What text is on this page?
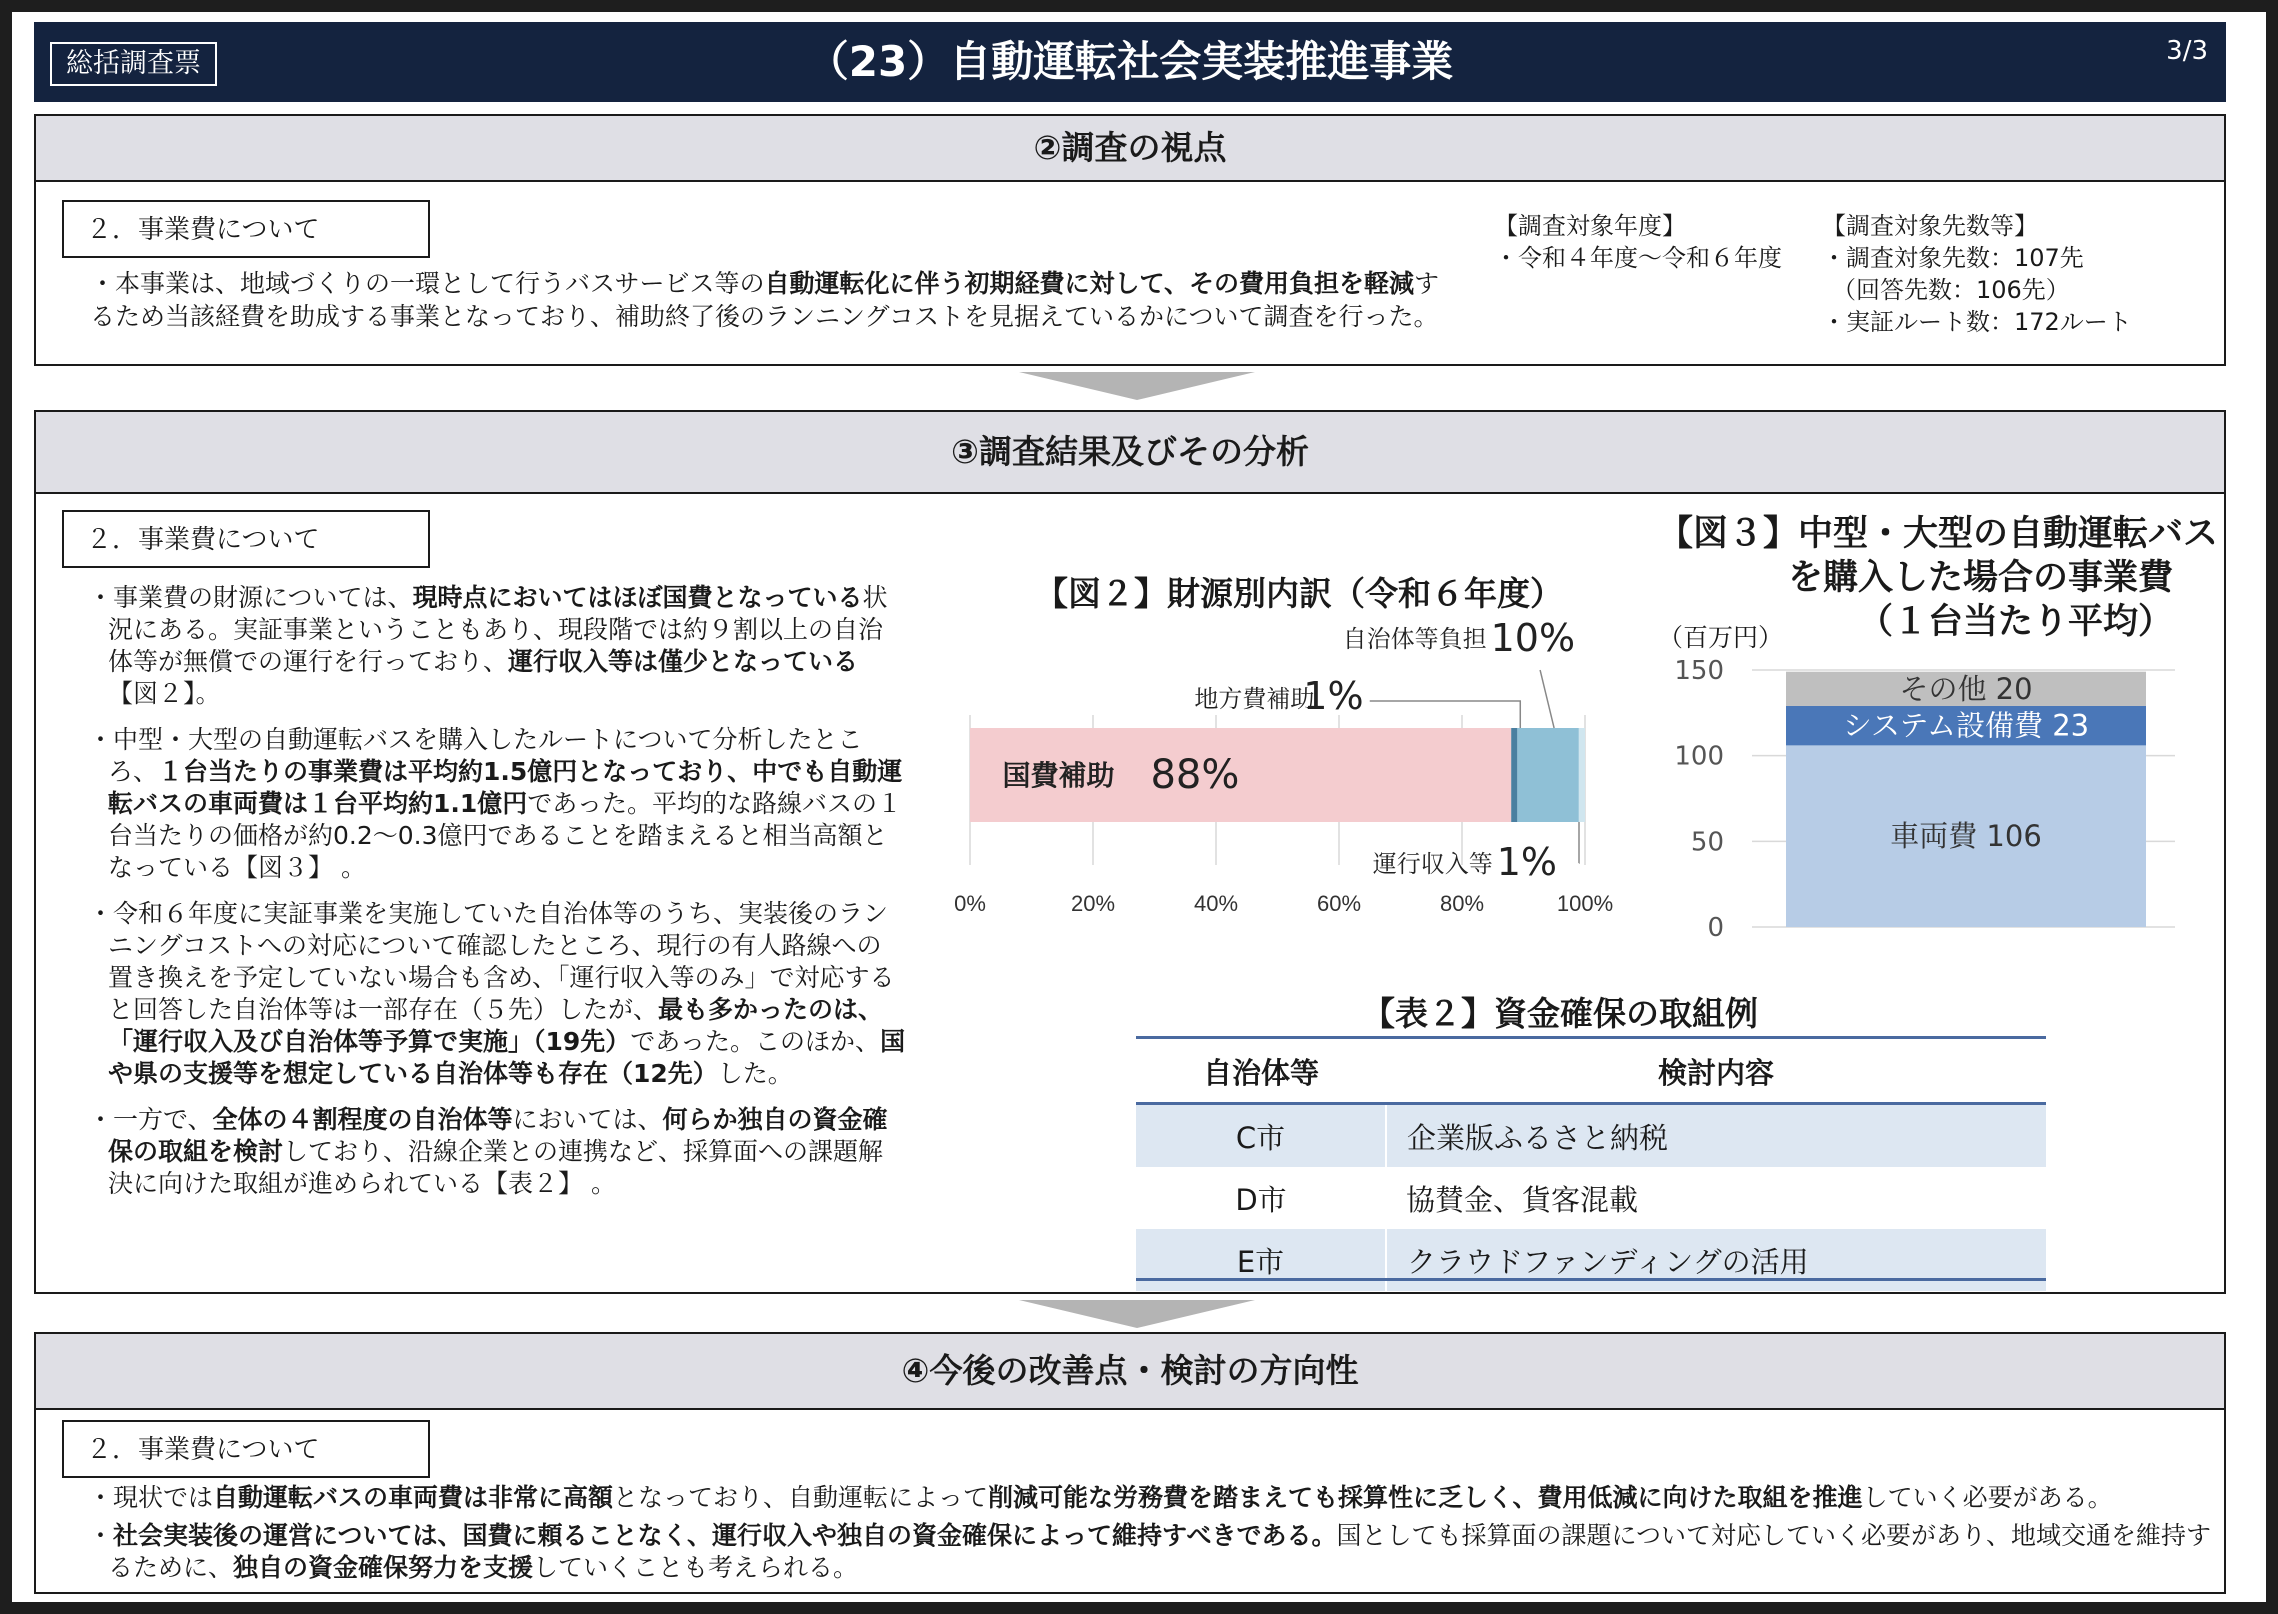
総括調査票	（23）自動運転社会実装推進事業	3/3
②調査の視点
２．事業費について
・本事業は、地域づくりの一環として行うバスサービス等の自動運転化に伴う初期経費に対して、その費用負担を軽減するため当該経費を助成する事業となっており、補助終了後のランニングコストを見据えているかについて調査を行った。
【調査対象年度】
・令和４年度～令和６年度
【調査対象先数等】
・調査対象先数：107先
（回答先数：106先）
・実証ルート数：172ルート
③調査結果及びその分析
２．事業費について

・事業費の財源については、現時点においてはほぼ国費となっている状況にある。実証事業ということもあり、現段階では約９割以上の自治体等が無償での運行を行っており、運行収入等は僅少となっている【図２】。

・中型・大型の自動運転バスを購入したルートについて分析したところ、１台当たりの事業費は平均約1.5億円となっており、中でも自動運転バスの車両費は１台平均約1.1億円であった。平均的な路線バスの１台当たりの価格が約0.2～0.3億円であることを踏まえると相当高額となっている【図３】 。

・令和６年度に実証事業を実施していた自治体等のうち、実装後のランニングコストへの対応について確認したところ、現行の有人路線への置き換えを予定していない場合も含め、「運行収入等のみ」で対応すると回答した自治体等は一部存在（５先）したが、最も多かったのは、「運行収入及び自治体等予算で実施」（19先）であった。このほか、国や県の支援等を想定している自治体等も存在（12先）した。

・一方で、全体の４割程度の自治体等においては、何らか独自の資金確保の取組を検討しており、沿線企業との連携など、採算面への課題解決に向けた取組が進められている【表２】 。

【図２】財源別内訳（令和６年度）
0%	20%	40%	60%	80%	100%
国費補助 88%
地方費補助
1%
自治体等負担 10%
運行収入等 1%
【図３】中型・大型の自動運転バス
を購入した場合の事業費
（１台当たり平均）
（百万円）
0
50
100
150
車両費 106
システム設備費 23
その他 20
【表２】資金確保の取組例
自治体等	検討内容
C市	企業版ふるさと納税
D市	協賛金、貨客混載
E市	クラウドファンディングの活用
④今後の改善点・検討の方向性
２．事業費について

・現状では自動運転バスの車両費は非常に高額となっており、自動運転によって削減可能な労務費を踏まえても採算性に乏しく、費用低減に向けた取組を推進していく必要がある。

・社会実装後の運営については、国費に頼ることなく、運行収入や独自の資金確保によって維持すべきである。国としても採算面の課題について対応していく必要があり、地域交通を維持するために、独自の資金確保努力を支援していくことも考えられる。
